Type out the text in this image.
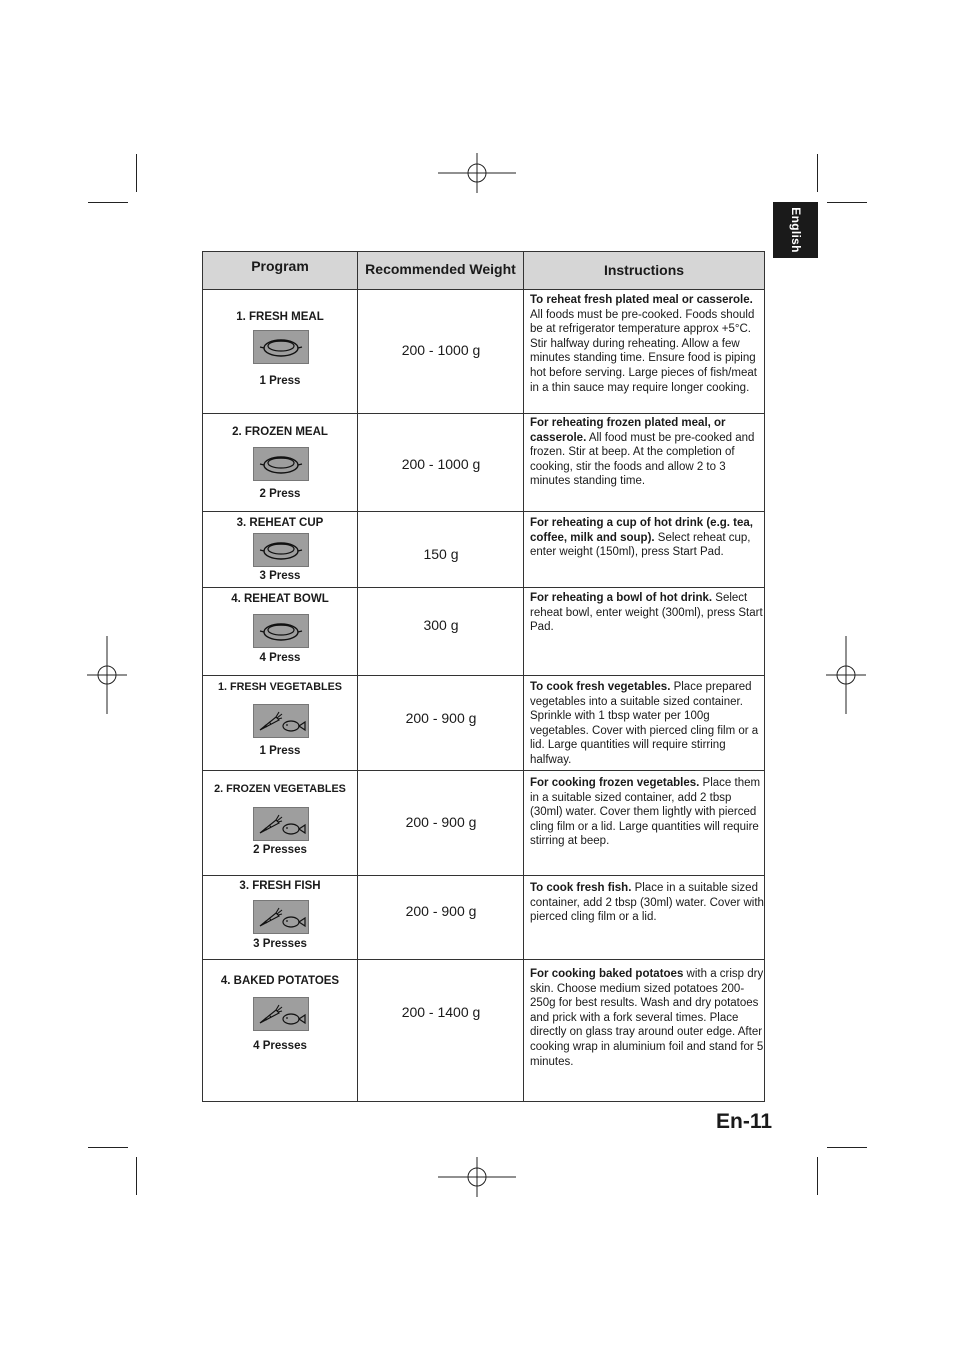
English
Program	Recommended Weight	Instructions
1. FRESH MEAL
1 Press
200 - 1000 g
To reheat fresh plated meal or casserole. All foods must be pre-cooked. Foods should be at refrigerator temperature approx +5°C. Stir halfway during reheating. Allow a few minutes standing time. Ensure food is piping hot before serving. Large pieces of fish/meat in a thin sauce may require longer cooking.
2. FROZEN MEAL
2 Press
200 - 1000 g
For reheating frozen plated meal, or casserole. All food must be pre-cooked and frozen. Stir at beep. At the completion of cooking, stir the foods and allow 2 to 3 minutes standing time.
3. REHEAT CUP
3 Press
150 g
For reheating a cup of hot drink (e.g. tea, coffee, milk and soup). Select reheat cup, enter weight (150ml), press Start Pad.
4. REHEAT BOWL
4 Press
300 g
For reheating a bowl of hot drink. Select reheat bowl, enter weight (300ml), press Start Pad.
1. FRESH VEGETABLES
1 Press
200 - 900 g
To cook fresh vegetables. Place prepared vegetables into a suitable sized container. Sprinkle with 1 tbsp water per 100g vegetables. Cover with pierced cling film or a lid. Large quantities will require stirring halfway.
2. FROZEN VEGETABLES
2 Presses
200 - 900 g
For cooking frozen vegetables. Place them in a suitable sized container, add 2 tbsp (30ml) water. Cover them lightly with pierced cling film or a lid. Large quantities will require stirring at beep.
3. FRESH FISH
3 Presses
200 - 900 g
To cook fresh fish. Place in a suitable sized container, add 2 tbsp (30ml) water. Cover with pierced cling film or a lid.
4. BAKED POTATOES
4 Presses
200 - 1400 g
For cooking baked potatoes with a crisp dry skin. Choose medium sized potatoes 200-250g for best results. Wash and dry potatoes and prick with a fork several times. Place directly on glass tray around outer edge. After cooking wrap in aluminium foil and stand for 5 minutes.
En-11
